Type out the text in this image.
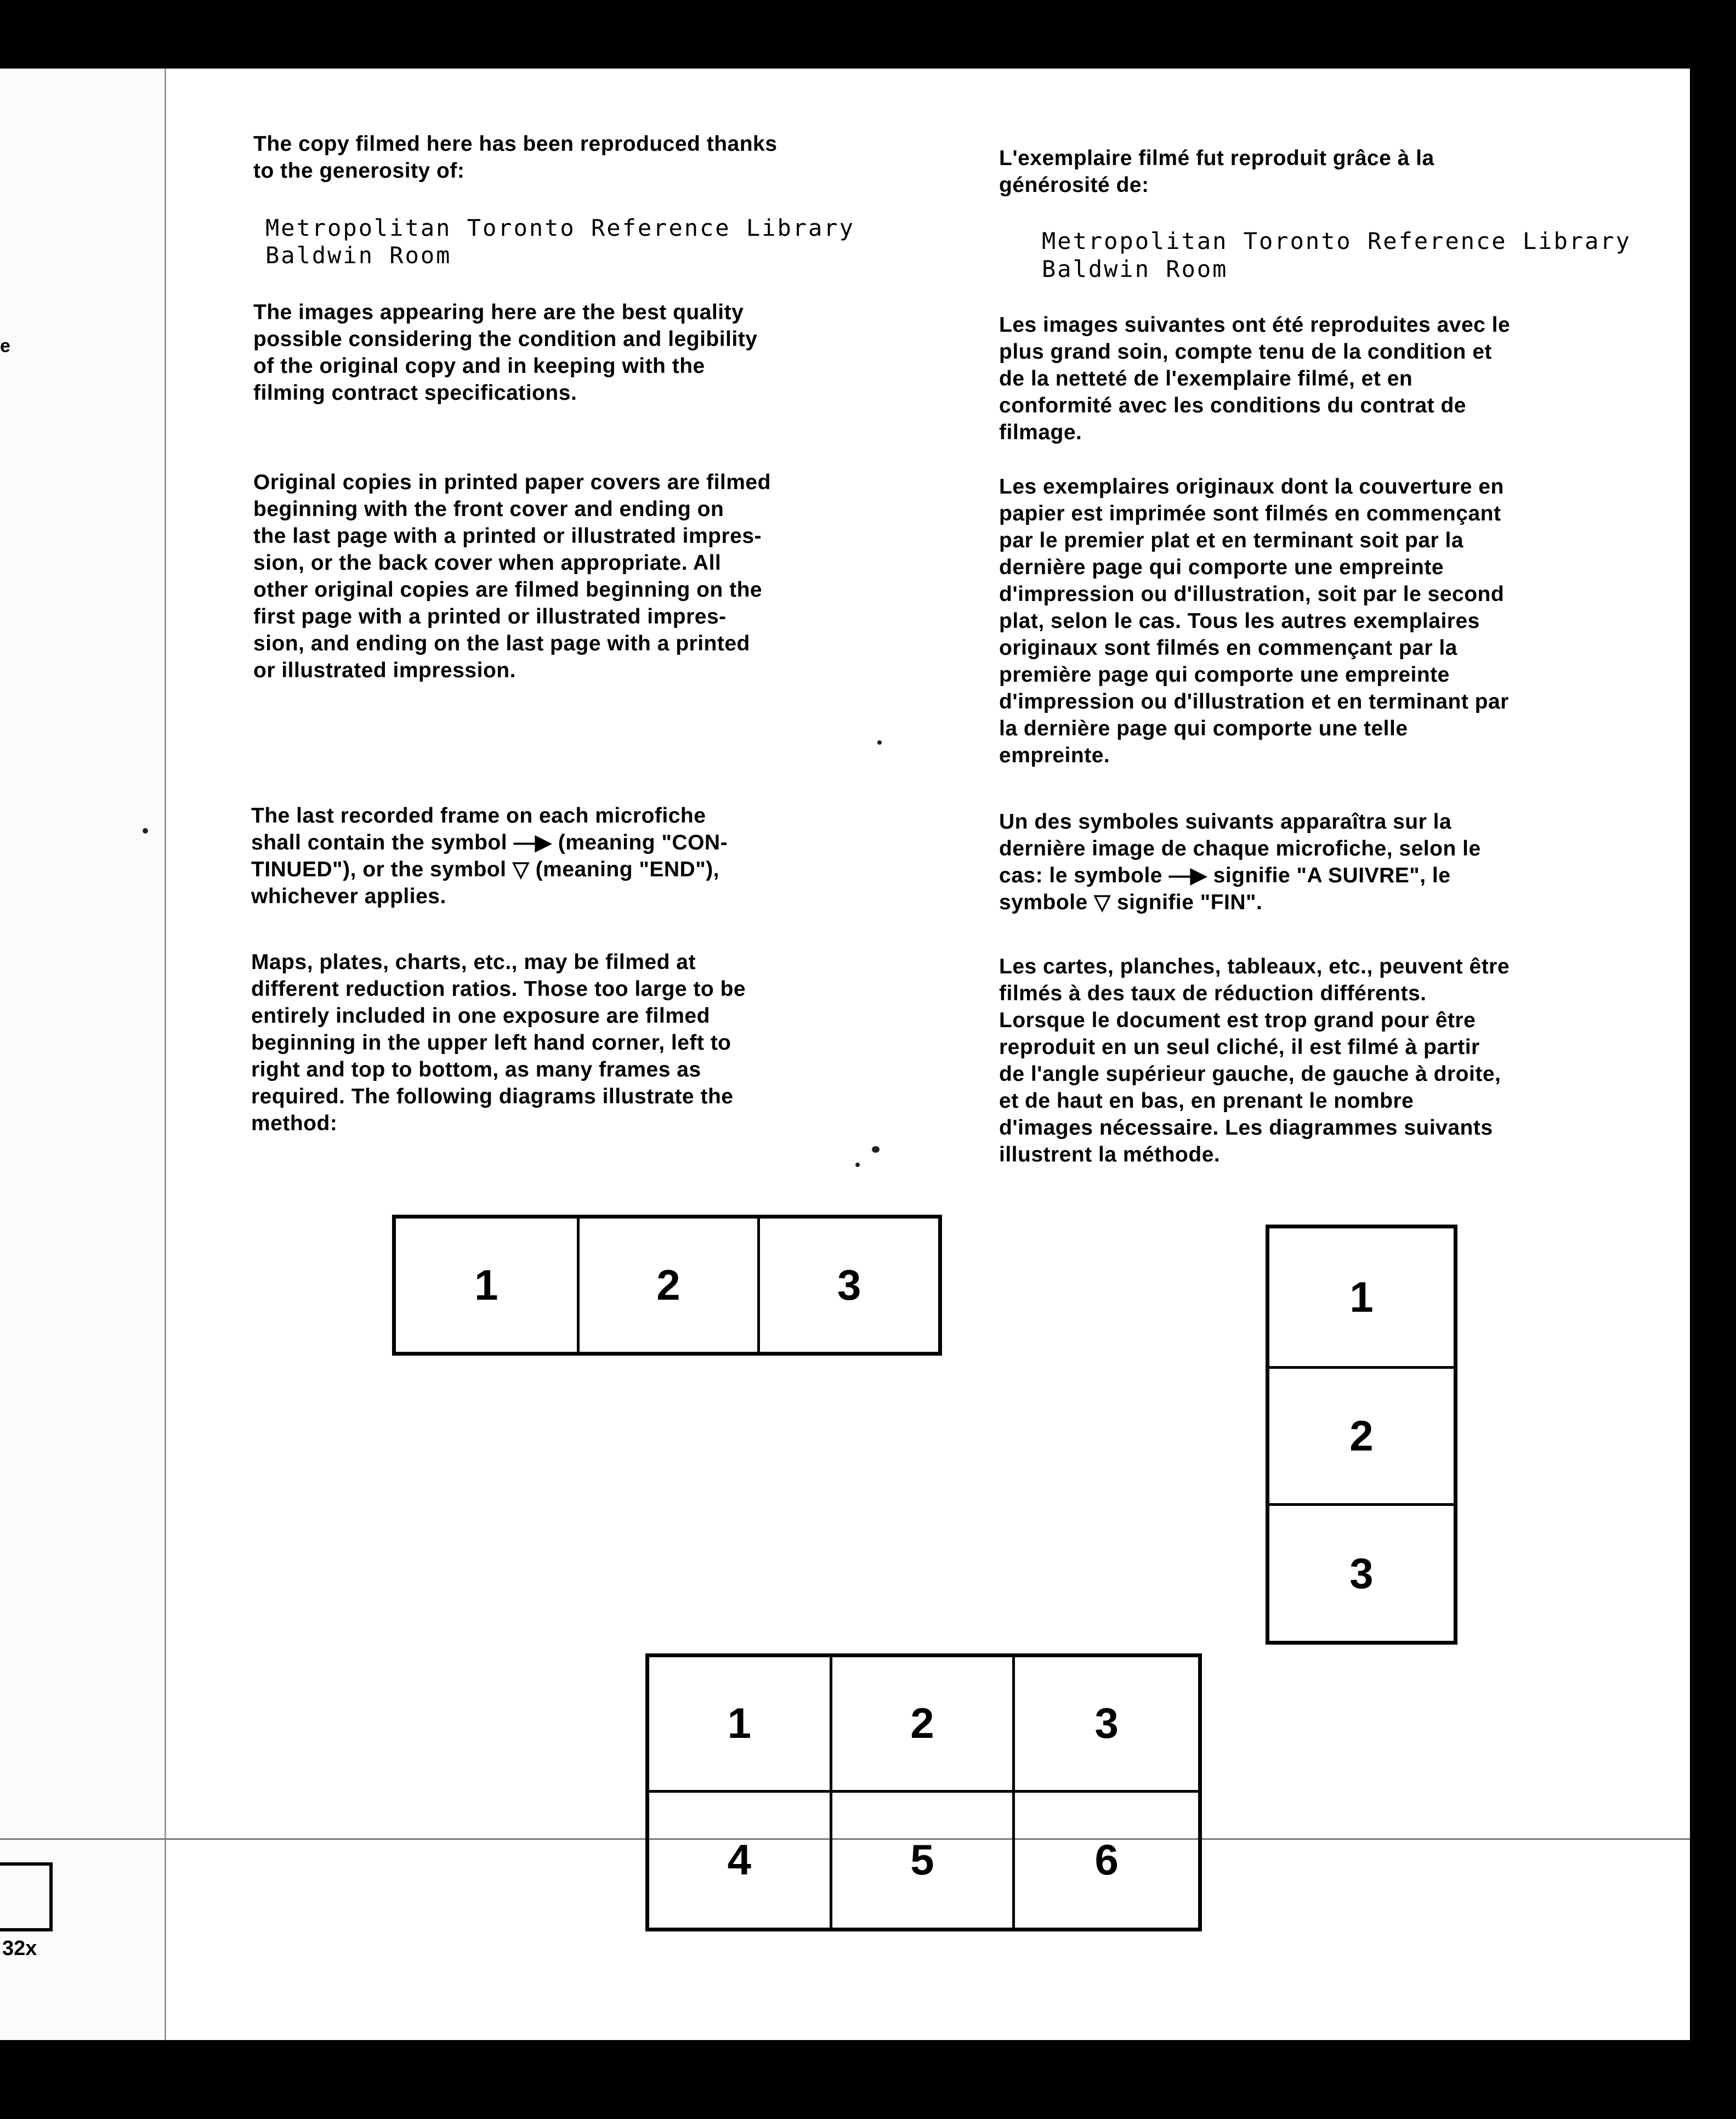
e
32x

The copy filmed here has been reproduced thanks
to the generosity of:

Metropolitan Toronto Reference Library

Baldwin Room

The images appearing here are the best quality
possible considering the condition and legibility
of the original copy and in keeping with the
filming contract specifications.

Original copies in printed paper covers are filmed
beginning with the front cover and ending on
the last page with a printed or illustrated impres-
sion, or the back cover when appropriate. All
other original copies are filmed beginning on the
first page with a printed or illustrated impres-
sion, and ending on the last page with a printed
or illustrated impression.

The last recorded frame on each microfiche
shall contain the symbol —▶ (meaning "CON-
TINUED"), or the symbol ▽ (meaning "END"),
whichever applies.

Maps, plates, charts, etc., may be filmed at
different reduction ratios. Those too large to be
entirely included in one exposure are filmed
beginning in the upper left hand corner, left to
right and top to bottom, as many frames as
required. The following diagrams illustrate the
method:

L'exemplaire filmé fut reproduit grâce à la
générosité de:

Metropolitan Toronto Reference Library

Baldwin Room

Les images suivantes ont été reproduites avec le
plus grand soin, compte tenu de la condition et
de la netteté de l'exemplaire filmé, et en
conformité avec les conditions du contrat de
filmage.

Les exemplaires originaux dont la couverture en
papier est imprimée sont filmés en commençant
par le premier plat et en terminant soit par la
dernière page qui comporte une empreinte
d'impression ou d'illustration, soit par le second
plat, selon le cas. Tous les autres exemplaires
originaux sont filmés en commençant par la
première page qui comporte une empreinte
d'impression ou d'illustration et en terminant par
la dernière page qui comporte une telle
empreinte.

Un des symboles suivants apparaîtra sur la
dernière image de chaque microfiche, selon le
cas: le symbole —▶ signifie "A SUIVRE", le
symbole ▽ signifie "FIN".

Les cartes, planches, tableaux, etc., peuvent être
filmés à des taux de réduction différents.
Lorsque le document est trop grand pour être
reproduit en un seul cliché, il est filmé à partir
de l'angle supérieur gauche, de gauche à droite,
et de haut en bas, en prenant le nombre
d'images nécessaire. Les diagrammes suivants
illustrent la méthode.

1	2	3	1
2
3
1	2	3
4	5	6
